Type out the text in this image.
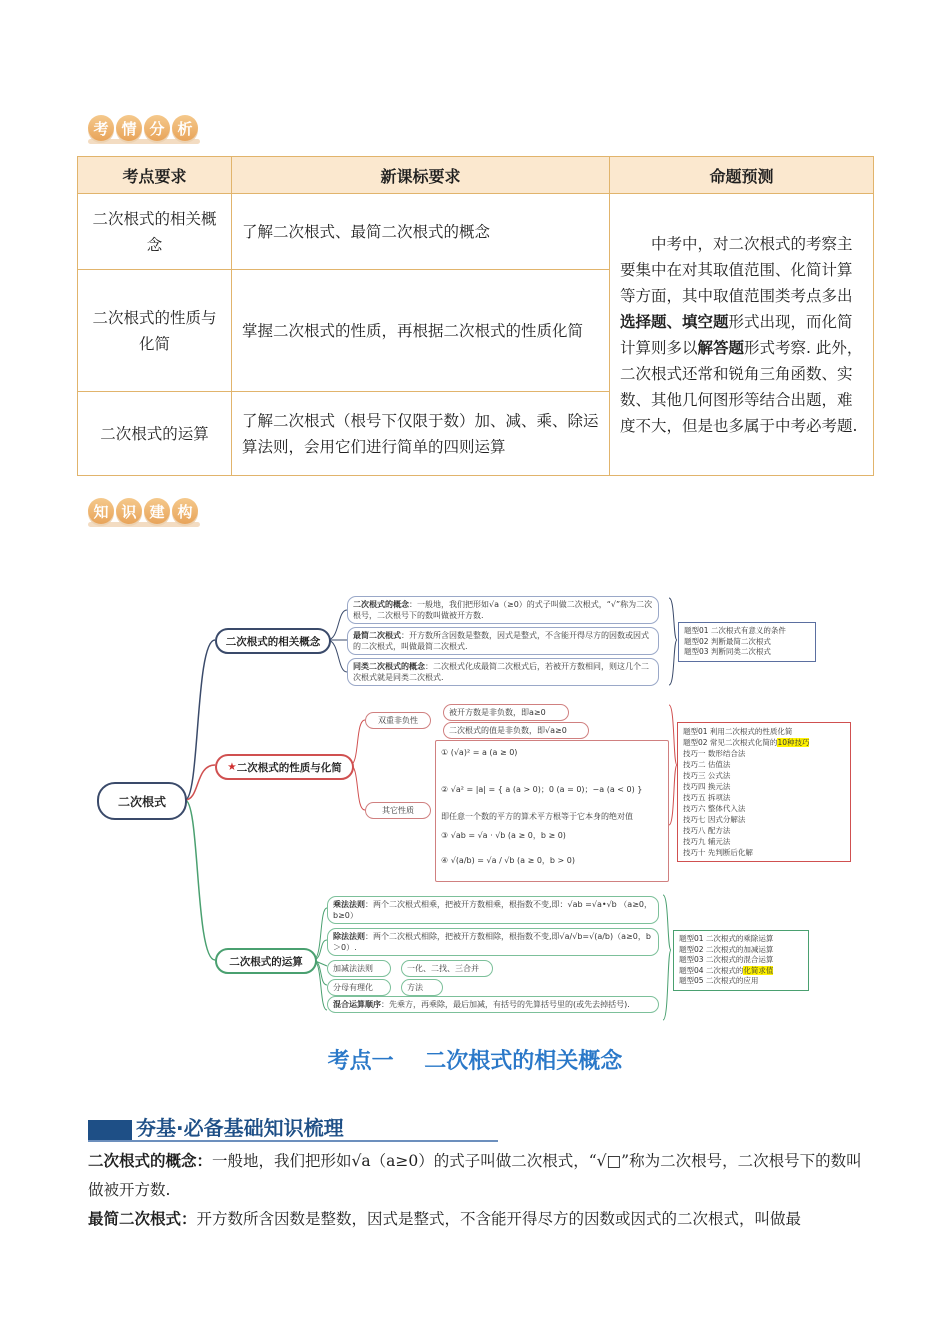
考 情 分 析
考点要求	新课标要求	命题预测
二次根式的相关概念	了解二次根式、最简二次根式的概念	中考中，对二次根式的考察主要集中在对其取值范围、化简计算等方面，其中取值范围类考点多出选择题、填空题形式出现，而化简计算则多以解答题形式考察. 此外，二次根式还常和锐角三角函数、实数、其他几何图形等结合出题，难度不大，但是也多属于中考必考题.
二次根式的性质与化简	掌握二次根式的性质，再根据二次根式的性质化简	
二次根式的运算	了解二次根式（根号下仅限于数）加、减、乘、除运算法则，会用它们进行简单的四则运算	
知 识 建 构
二次根式
二次根式的相关概念
★ 二次根式的性质与化简
二次根式的运算
二次根式的概念：一般地，我们把形如√a（≥0）的式子叫做二次根式，“√”称为二次根号，二次根号下的数叫做被开方数.
最简二次根式：开方数所含因数是整数，因式是整式，不含能开得尽方的因数或因式的二次根式，叫做最简二次根式.
同类二次根式的概念：二次根式化成最简二次根式后，若被开方数相同，则这几个二次根式就是同类二次根式.
题型01 二次根式有意义的条件
题型02 判断最简二次根式
题型03 判断同类二次根式
双重非负性
被开方数是非负数，即a≥0
二次根式的值是非负数，即√a≥0
其它性质
① (√a)² = a (a ≥ 0)
② √a² = |a| = { a (a > 0)；0 (a = 0)；−a (a < 0) }
即任意一个数的平方的算术平方根等于它本身的绝对值
③ √ab = √a · √b (a ≥ 0，b ≥ 0)
④ √(a/b) = √a / √b (a ≥ 0，b > 0)
题型01 利用二次根式的性质化简
题型02 常见二次根式化简的10种技巧
技巧一 数形结合法
技巧二 估值法
技巧三 公式法
技巧四 换元法
技巧五 拆项法
技巧六 整体代入法
技巧七 因式分解法
技巧八 配方法
技巧九 辅元法
技巧十 先判断后化解
乘法法则：两个二次根式相乘，把被开方数相乘，根指数不变,即：√ab =√a•√b （a≥0，b≥0）
除法法则：两个二次根式相除，把被开方数相除，根指数不变,即√a/√b=√(a/b)（a≥0，b＞0）.
加减法法则	一化、二找、三合并
分母有理化	方法
混合运算顺序：先乘方，再乘除，最后加减，有括号的先算括号里的(或先去掉括号).
题型01 二次根式的乘除运算
题型02 二次根式的加减运算
题型03 二次根式的混合运算
题型04 二次根式的化简求值
题型05 二次根式的应用
考点一    二次根式的相关概念
夯基·必备基础知识梳理
二次根式的概念：一般地，我们把形如√a（a≥0）的式子叫做二次根式，“√□”称为二次根号，二次根号下的数叫做被开方数.
最简二次根式：开方数所含因数是整数，因式是整式，不含能开得尽方的因数或因式的二次根式，叫做最
